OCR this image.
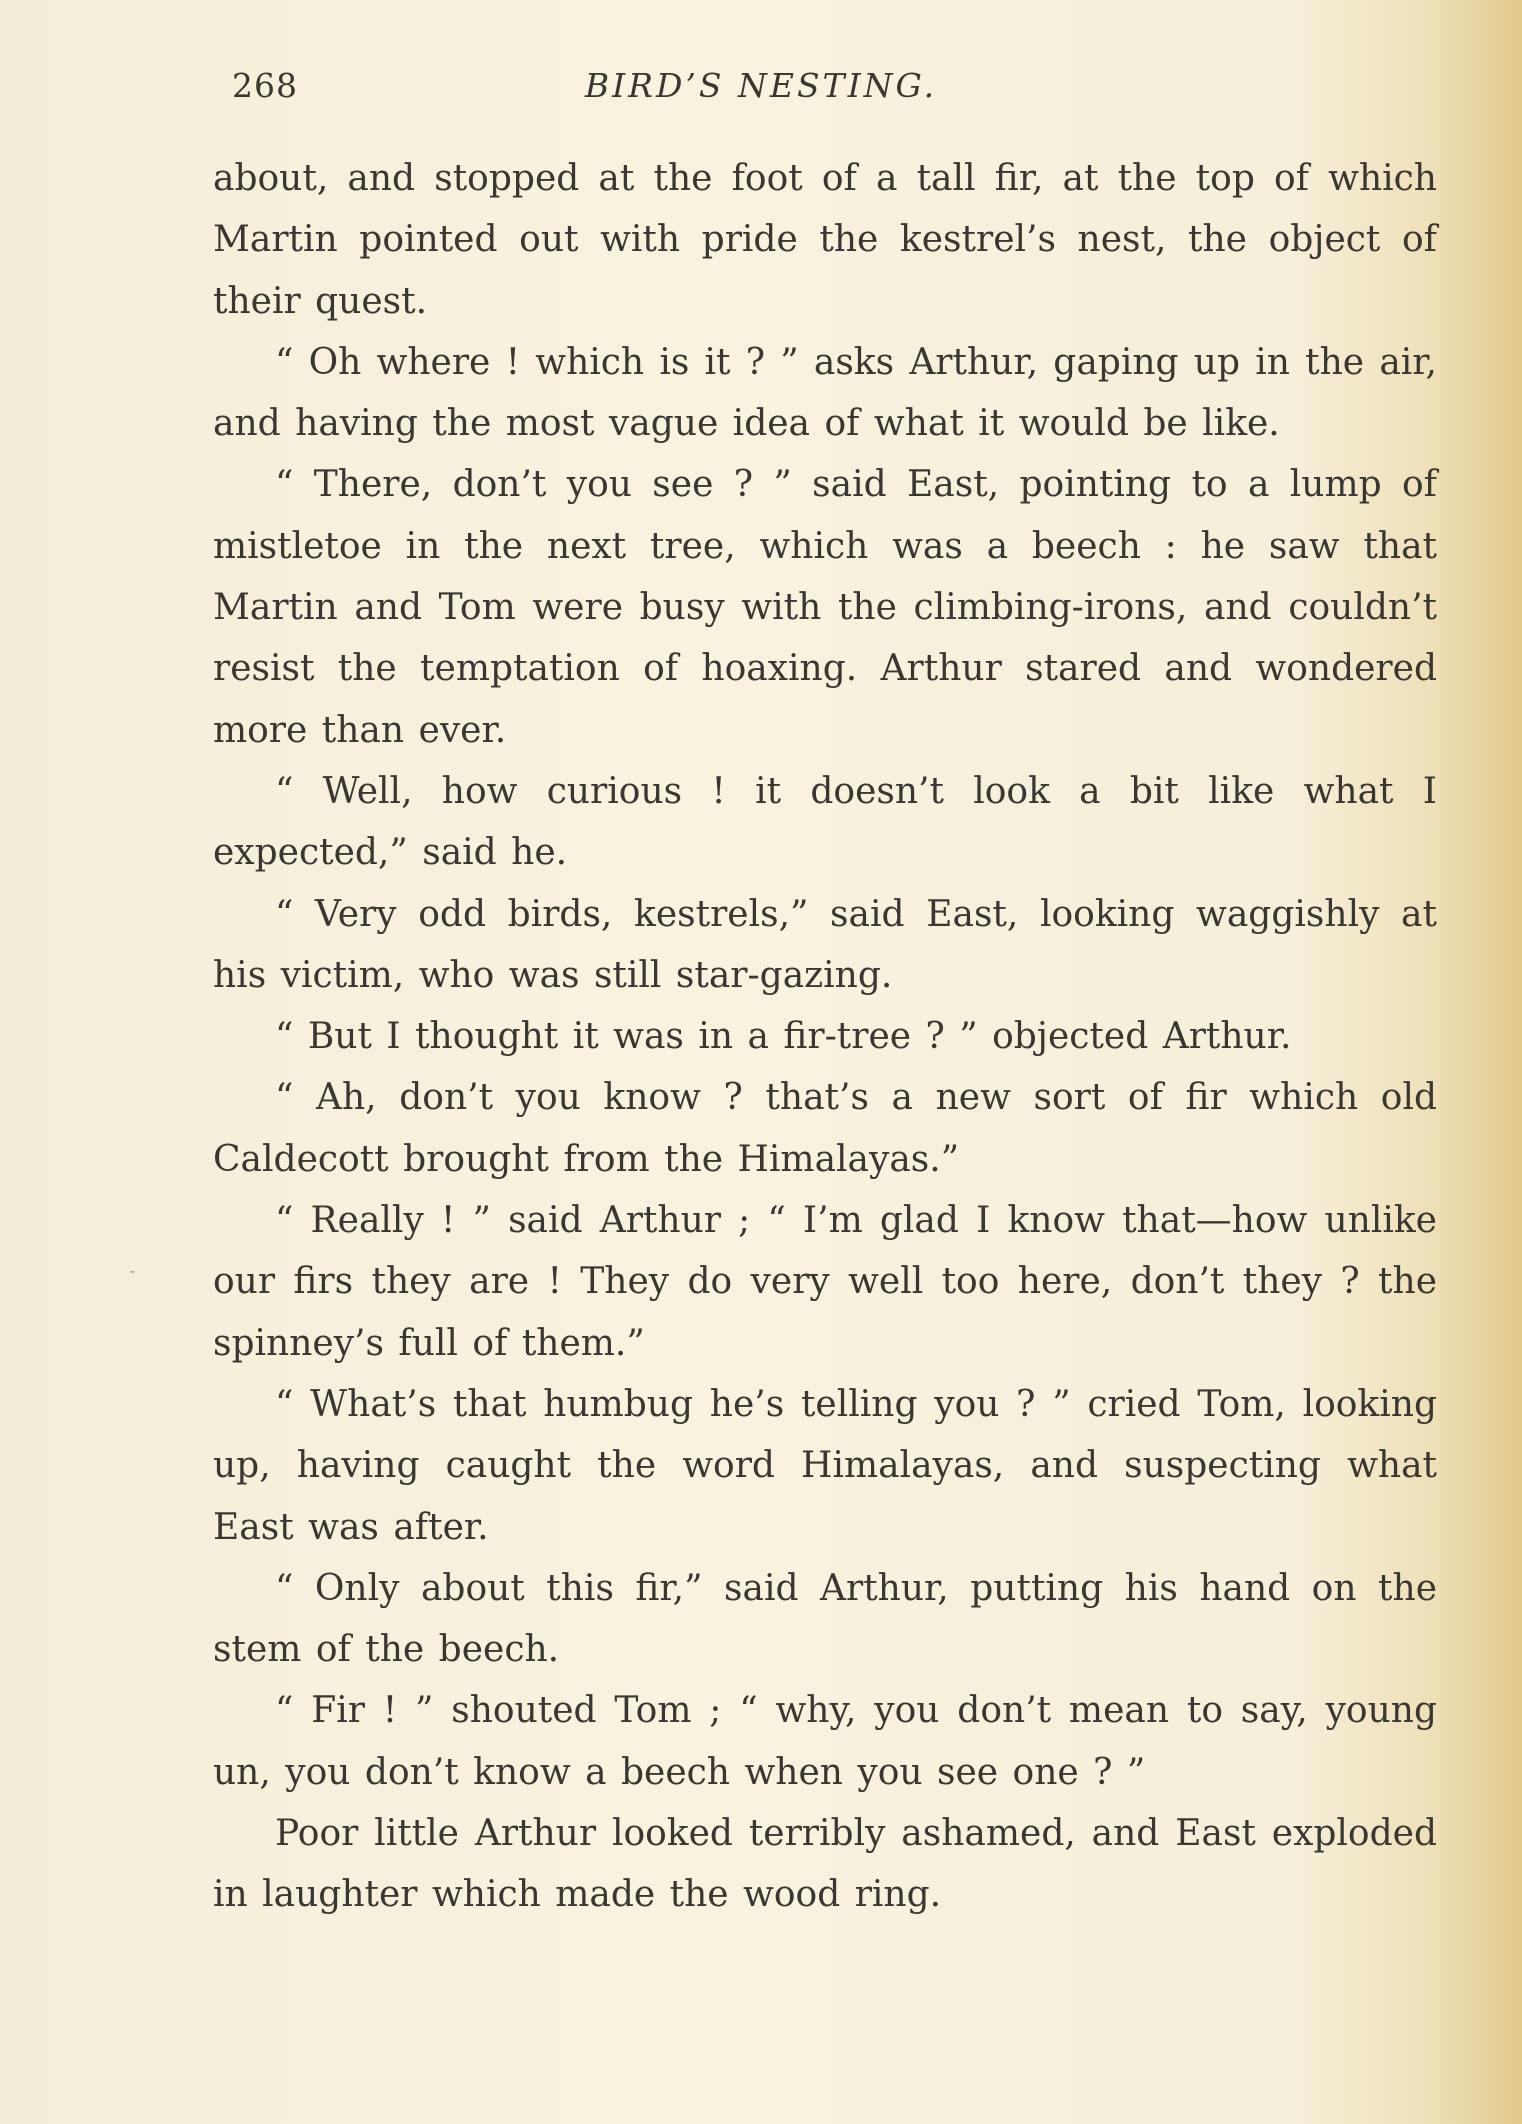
268	BIRD’S NESTING.
-

about, and stopped at the foot of a tall fir, at the top of which Martin pointed out with pride the kestrel’s nest, the object of their quest.

“ Oh where ! which is it ? ” asks Arthur, gaping up in the air, and having the most vague idea of what it would be like.

“ There, don’t you see ? ” said East, pointing to a lump of mistletoe in the next tree, which was a beech : he saw that Martin and Tom were busy with the climbing-irons, and couldn’t resist the temptation of hoaxing. Arthur stared and wondered more than ever.

“ Well, how curious ! it doesn’t look a bit like what I expected,” said he.

“ Very odd birds, kestrels,” said East, looking waggishly at his victim, who was still star-gazing.

“ But I thought it was in a fir-tree ? ” objected Arthur.

“ Ah, don’t you know ? that’s a new sort of fir which old Caldecott brought from the Himalayas.”

“ Really ! ” said Arthur ; “ I’m glad I know that—how unlike our firs they are ! They do very well too here, don’t they ? the spinney’s full of them.”

“ What’s that humbug he’s telling you ? ” cried Tom, looking up, having caught the word Himalayas, and suspecting what East was after.

“ Only about this fir,” said Arthur, putting his hand on the stem of the beech.

“ Fir ! ” shouted Tom ; “ why, you don’t mean to say, young un, you don’t know a beech when you see one ? ”

Poor little Arthur looked terribly ashamed, and East exploded in laughter which made the wood ring.
